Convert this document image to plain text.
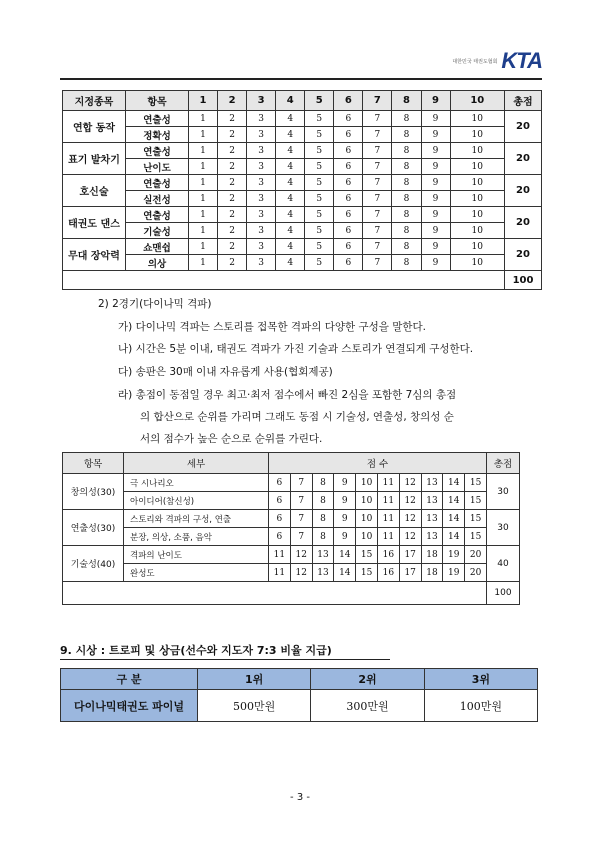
대한민국 태권도협회 KTA
지정종목	항목	1	2	3	4	5	6	7	8	9	10	총점
연합 동작	연출성	1	2	3	4	5	6	7	8	9	10	20
	정확성	1	2	3	4	5	6	7	8	9	10	
표기 발차기	연출성	1	2	3	4	5	6	7	8	9	10	20
	난이도	1	2	3	4	5	6	7	8	9	10	
호신술	연출성	1	2	3	4	5	6	7	8	9	10	20
	실전성	1	2	3	4	5	6	7	8	9	10	
태권도 댄스	연출성	1	2	3	4	5	6	7	8	9	10	20
	기술성	1	2	3	4	5	6	7	8	9	10	
무대 장악력	쇼맨쉽	1	2	3	4	5	6	7	8	9	10	20
	의상	1	2	3	4	5	6	7	8	9	10	
												100
2) 2경기(다이나믹 격파)
가) 다이나믹 격파는 스토리를 접목한 격파의 다양한 구성을 말한다.
나) 시간은 5분 이내, 태권도 격파가 가진 기술과 스토리가 연결되게 구성한다.
다) 송판은 30매 이내 자유롭게 사용(협회제공)
라) 총점이 동점일 경우 최고·최저 점수에서 빠진 2심을 포함한 7심의 총점
의 합산으로 순위를 가리며 그래도 동점 시 기술성, 연출성, 창의성 순
서의 점수가 높은 순으로 순위를 가린다.
항목	세부	점 수										총점
창의성(30)	극 시나리오	6	7	8	9	10	11	12	13	14	15	30
	아이디어(참신성)	6	7	8	9	10	11	12	13	14	15	
연출성(30)	스토리와 격파의 구성, 연출	6	7	8	9	10	11	12	13	14	15	30
	분장, 의상, 소품, 음악	6	7	8	9	10	11	12	13	14	15	
기술성(40)	격파의 난이도	11	12	13	14	15	16	17	18	19	20	40
	완성도	11	12	13	14	15	16	17	18	19	20	
												100
9. 시상 : 트로피 및 상금(선수와 지도자 7:3 비율 지급)
구 분	1위	2위	3위
다이나믹태권도 파이널	500만원	300만원	100만원
- 3 -
